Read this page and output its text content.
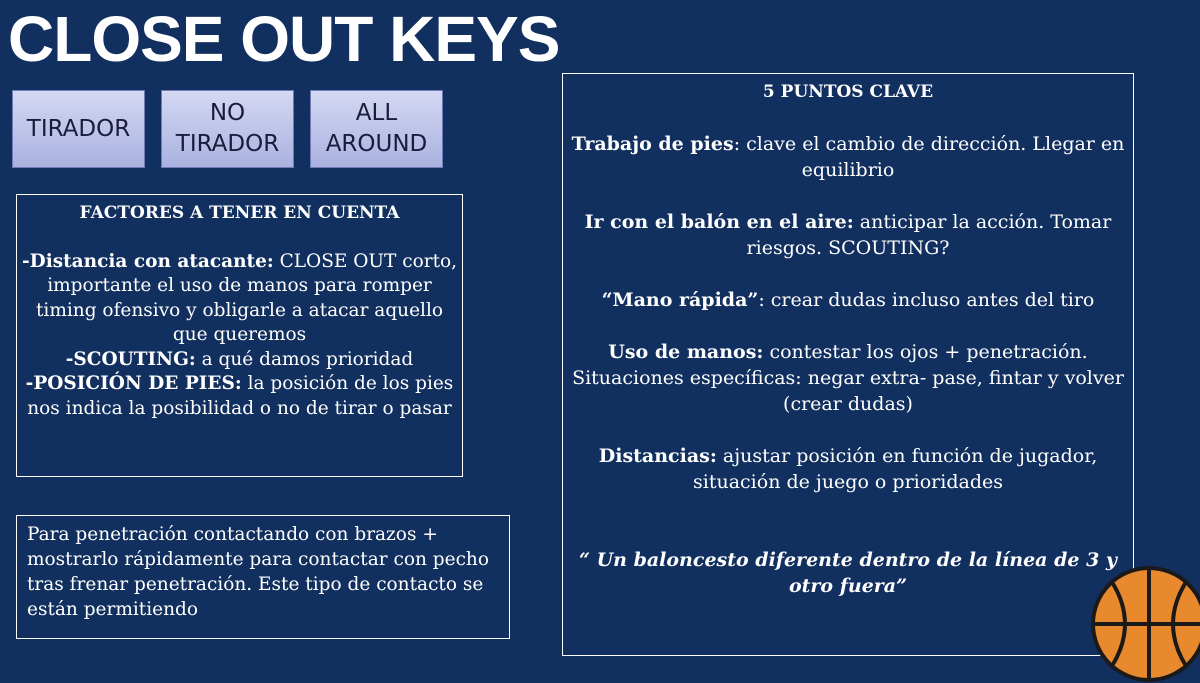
CLOSE OUT KEYS
TIRADOR
NO
TIRADOR
ALL
AROUND
FACTORES A TENER EN CUENTA
-Distancia con atacante: CLOSE OUT corto, importante el uso de manos para romper timing ofensivo y obligarle a atacar aquello que queremos
-SCOUTING: a qué damos prioridad
-POSICIÓN DE PIES: la posición de los pies nos indica la posibilidad o no de tirar o pasar
Para penetración contactando con brazos + mostrarlo rápidamente para contactar con pecho tras frenar penetración. Este tipo de contacto se están permitiendo
5 PUNTOS CLAVE
Trabajo de pies: clave el cambio de dirección. Llegar en equilibrio
Ir con el balón en el aire: anticipar la acción. Tomar riesgos. SCOUTING?
“Mano rápida”: crear dudas incluso antes del tiro
Uso de manos: contestar los ojos + penetración. Situaciones específicas: negar extra- pase, fintar y volver (crear dudas)
Distancias: ajustar posición en función de jugador, situación de juego o prioridades
“ Un baloncesto diferente dentro de la línea de 3 y otro fuera”
